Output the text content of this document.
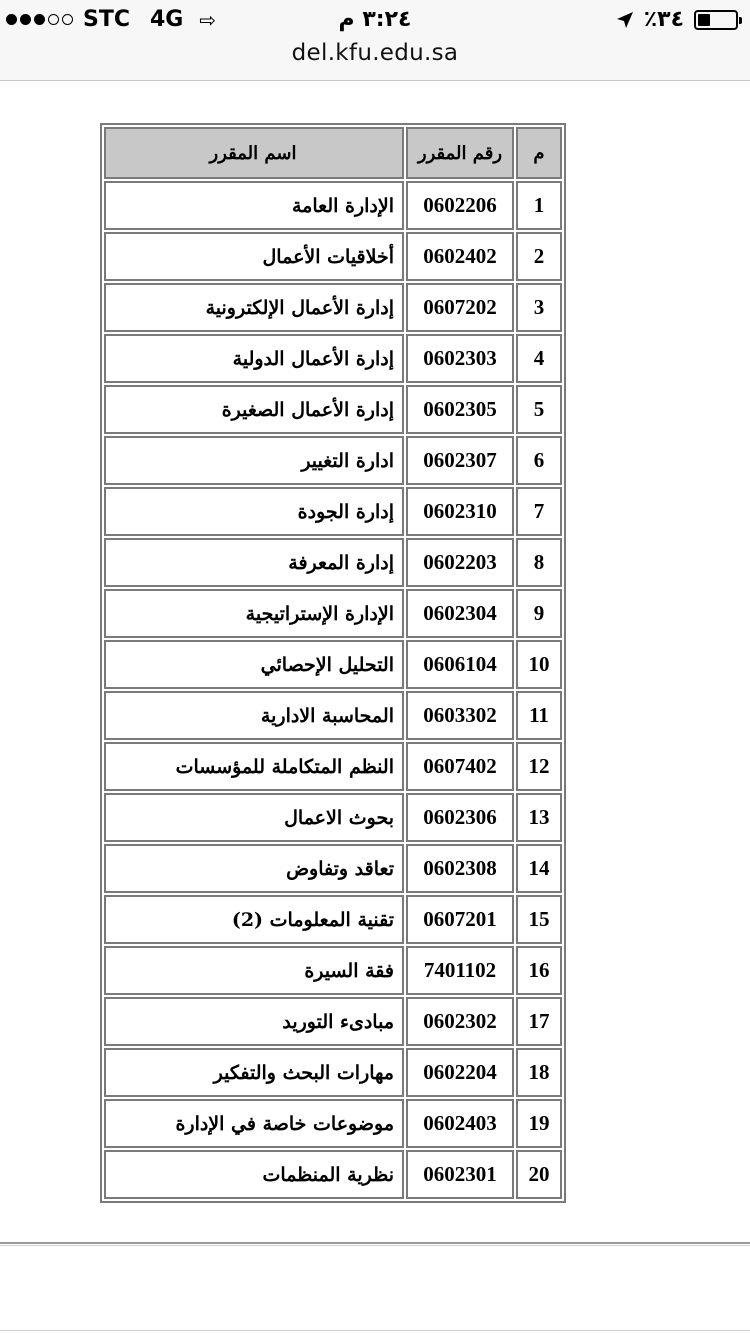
STC 4G ⇨	٣:٢٤ م	٪٣٤
del.kfu.edu.sa
م	رقم المقرر	اسم المقرر
1	0602206	الإدارة العامة
2	0602402	أخلاقيات الأعمال
3	0607202	إدارة الأعمال الإلكترونية
4	0602303	إدارة الأعمال الدولية
5	0602305	إدارة الأعمال الصغيرة
6	0602307	ادارة التغيير
7	0602310	إدارة الجودة
8	0602203	إدارة المعرفة
9	0602304	الإدارة الإستراتيجية
10	0606104	التحليل الإحصائي
11	0603302	المحاسبة الادارية
12	0607402	النظم المتكاملة للمؤسسات
13	0602306	بحوث الاعمال
14	0602308	تعاقد وتفاوض
15	0607201	تقنية المعلومات (2)
16	7401102	فقة السيرة
17	0602302	مبادىء التوريد
18	0602204	مهارات البحث والتفكير
19	0602403	موضوعات خاصة في الإدارة
20	0602301	نظرية المنظمات
